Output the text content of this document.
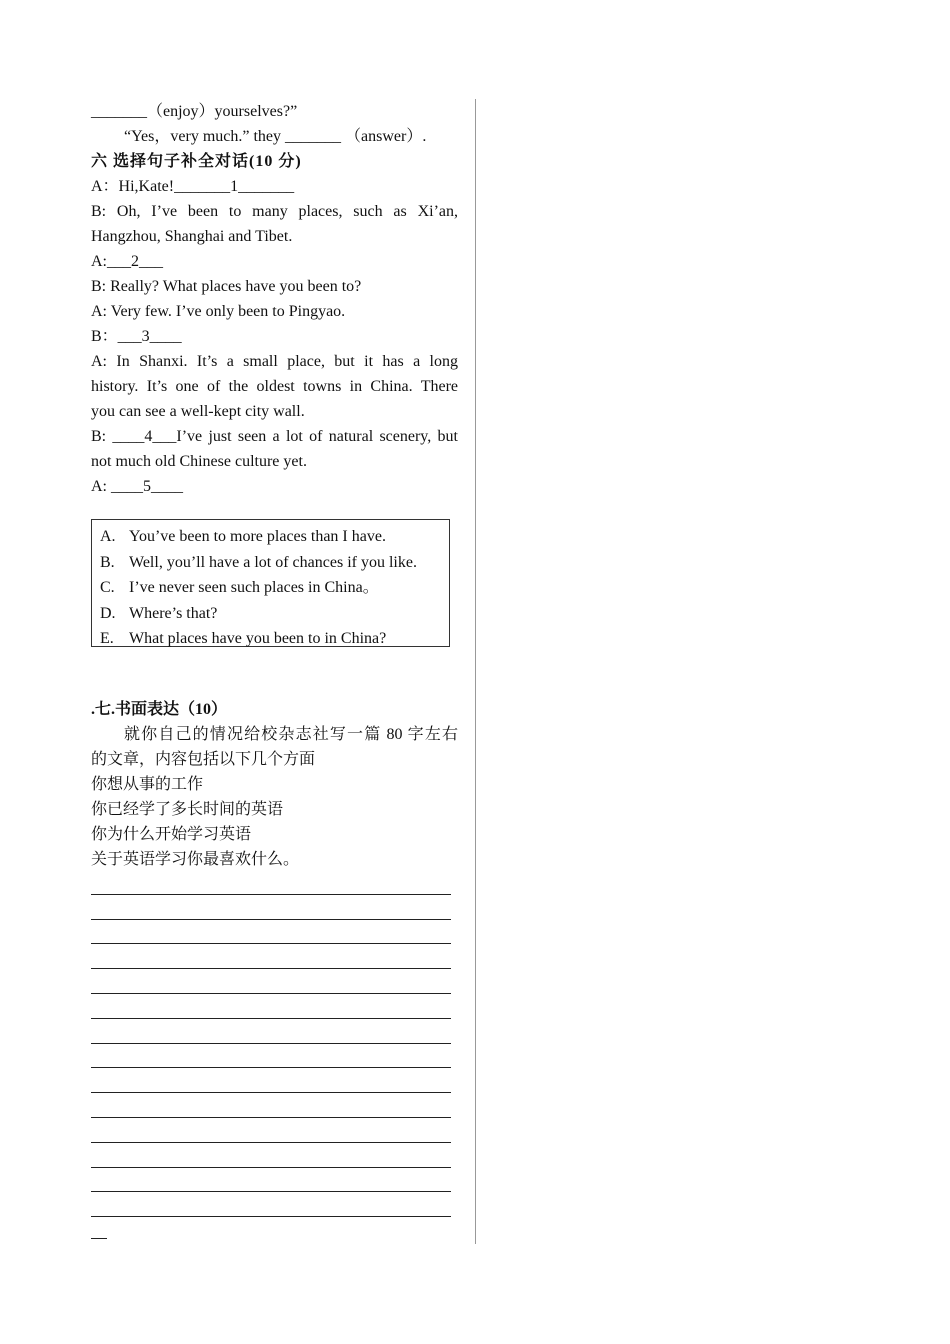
_______（enjoy）yourselves?”
“Yes，very much.” they _______ （answer）.
六 选择句子补全对话(10 分)
A：Hi,Kate!_______1_______
B: Oh, I’ve been to many places, such as Xi’an,
Hangzhou, Shanghai and Tibet.
A:___2___
B: Really? What places have you been to?
A: Very few. I’ve only been to Pingyao.
B：___3____
A: In Shanxi. It’s a small place, but it has a long
history. It’s one of the oldest towns in China. There
you can see a well-kept city wall.
B: ____4___I’ve just seen a lot of natural scenery, but
not much old Chinese culture yet.
A: ____5____
A. You’ve been to more places than I have.
B. Well, you’ll have a lot of chances if you like.
C. I’ve never seen such places in China。
D. Where’s that?
E. What places have you been to in China?
.七.书面表达（10）
就你自己的情况给校杂志社写一篇 80 字左右
的文章，内容包括以下几个方面
你想从事的工作
你已经学了多长时间的英语
你为什么开始学习英语
关于英语学习你最喜欢什么。
